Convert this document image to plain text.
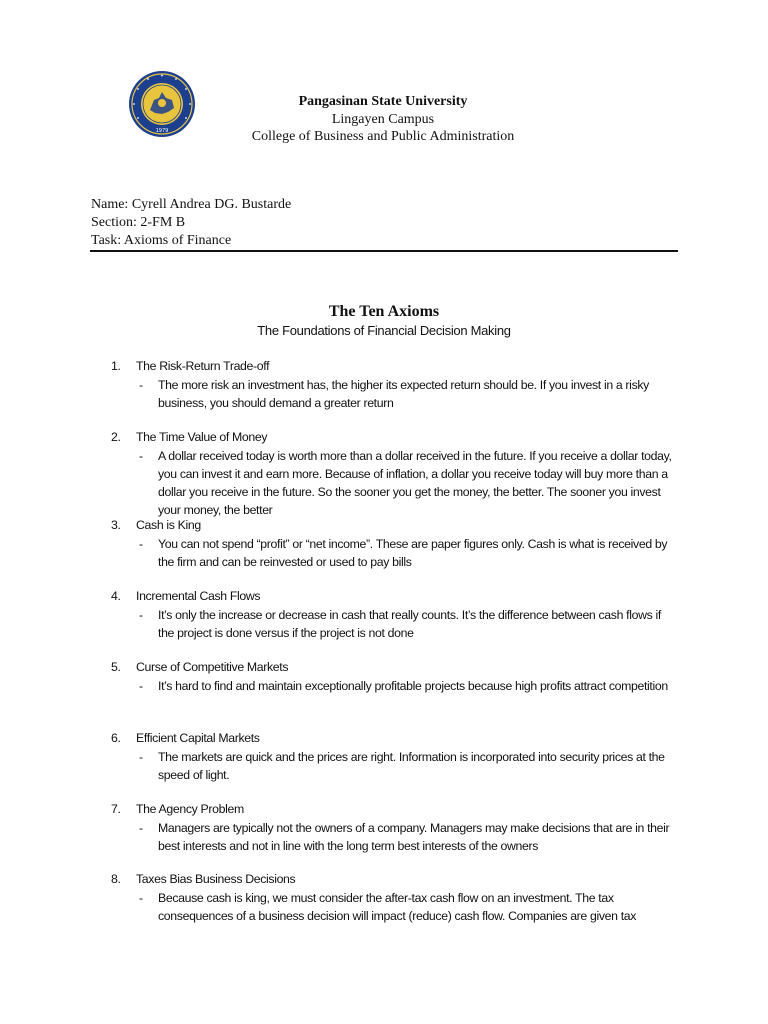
1979
Pangasinan State University
Lingayen Campus
College of Business and Public Administration
Name: Cyrell Andrea DG. Bustarde
Section: 2-FM B
Task: Axioms of Finance
The Ten Axioms
The Foundations of Financial Decision Making
1. The Risk-Return Trade-off
- The more risk an investment has, the higher its expected return should be. If you invest in a risky business, you should demand a greater return
2. The Time Value of Money
- A dollar received today is worth more than a dollar received in the future. If you receive a dollar today, you can invest it and earn more. Because of inflation, a dollar you receive today will buy more than a dollar you receive in the future. So the sooner you get the money, the better. The sooner you invest your money, the better
3. Cash is King
- You can not spend “profit” or “net income”. These are paper figures only. Cash is what is received by the firm and can be reinvested or used to pay bills
4. Incremental Cash Flows
- It’s only the increase or decrease in cash that really counts. It’s the difference between cash flows if the project is done versus if the project is not done
5. Curse of Competitive Markets
- It’s hard to find and maintain exceptionally profitable projects because high profits attract competition
6. Efficient Capital Markets
- The markets are quick and the prices are right. Information is incorporated into security prices at the speed of light.
7. The Agency Problem
- Managers are typically not the owners of a company. Managers may make decisions that are in their best interests and not in line with the long term best interests of the owners
8. Taxes Bias Business Decisions
- Because cash is king, we must consider the after-tax cash flow on an investment. The tax consequences of a business decision will impact (reduce) cash flow. Companies are given tax
